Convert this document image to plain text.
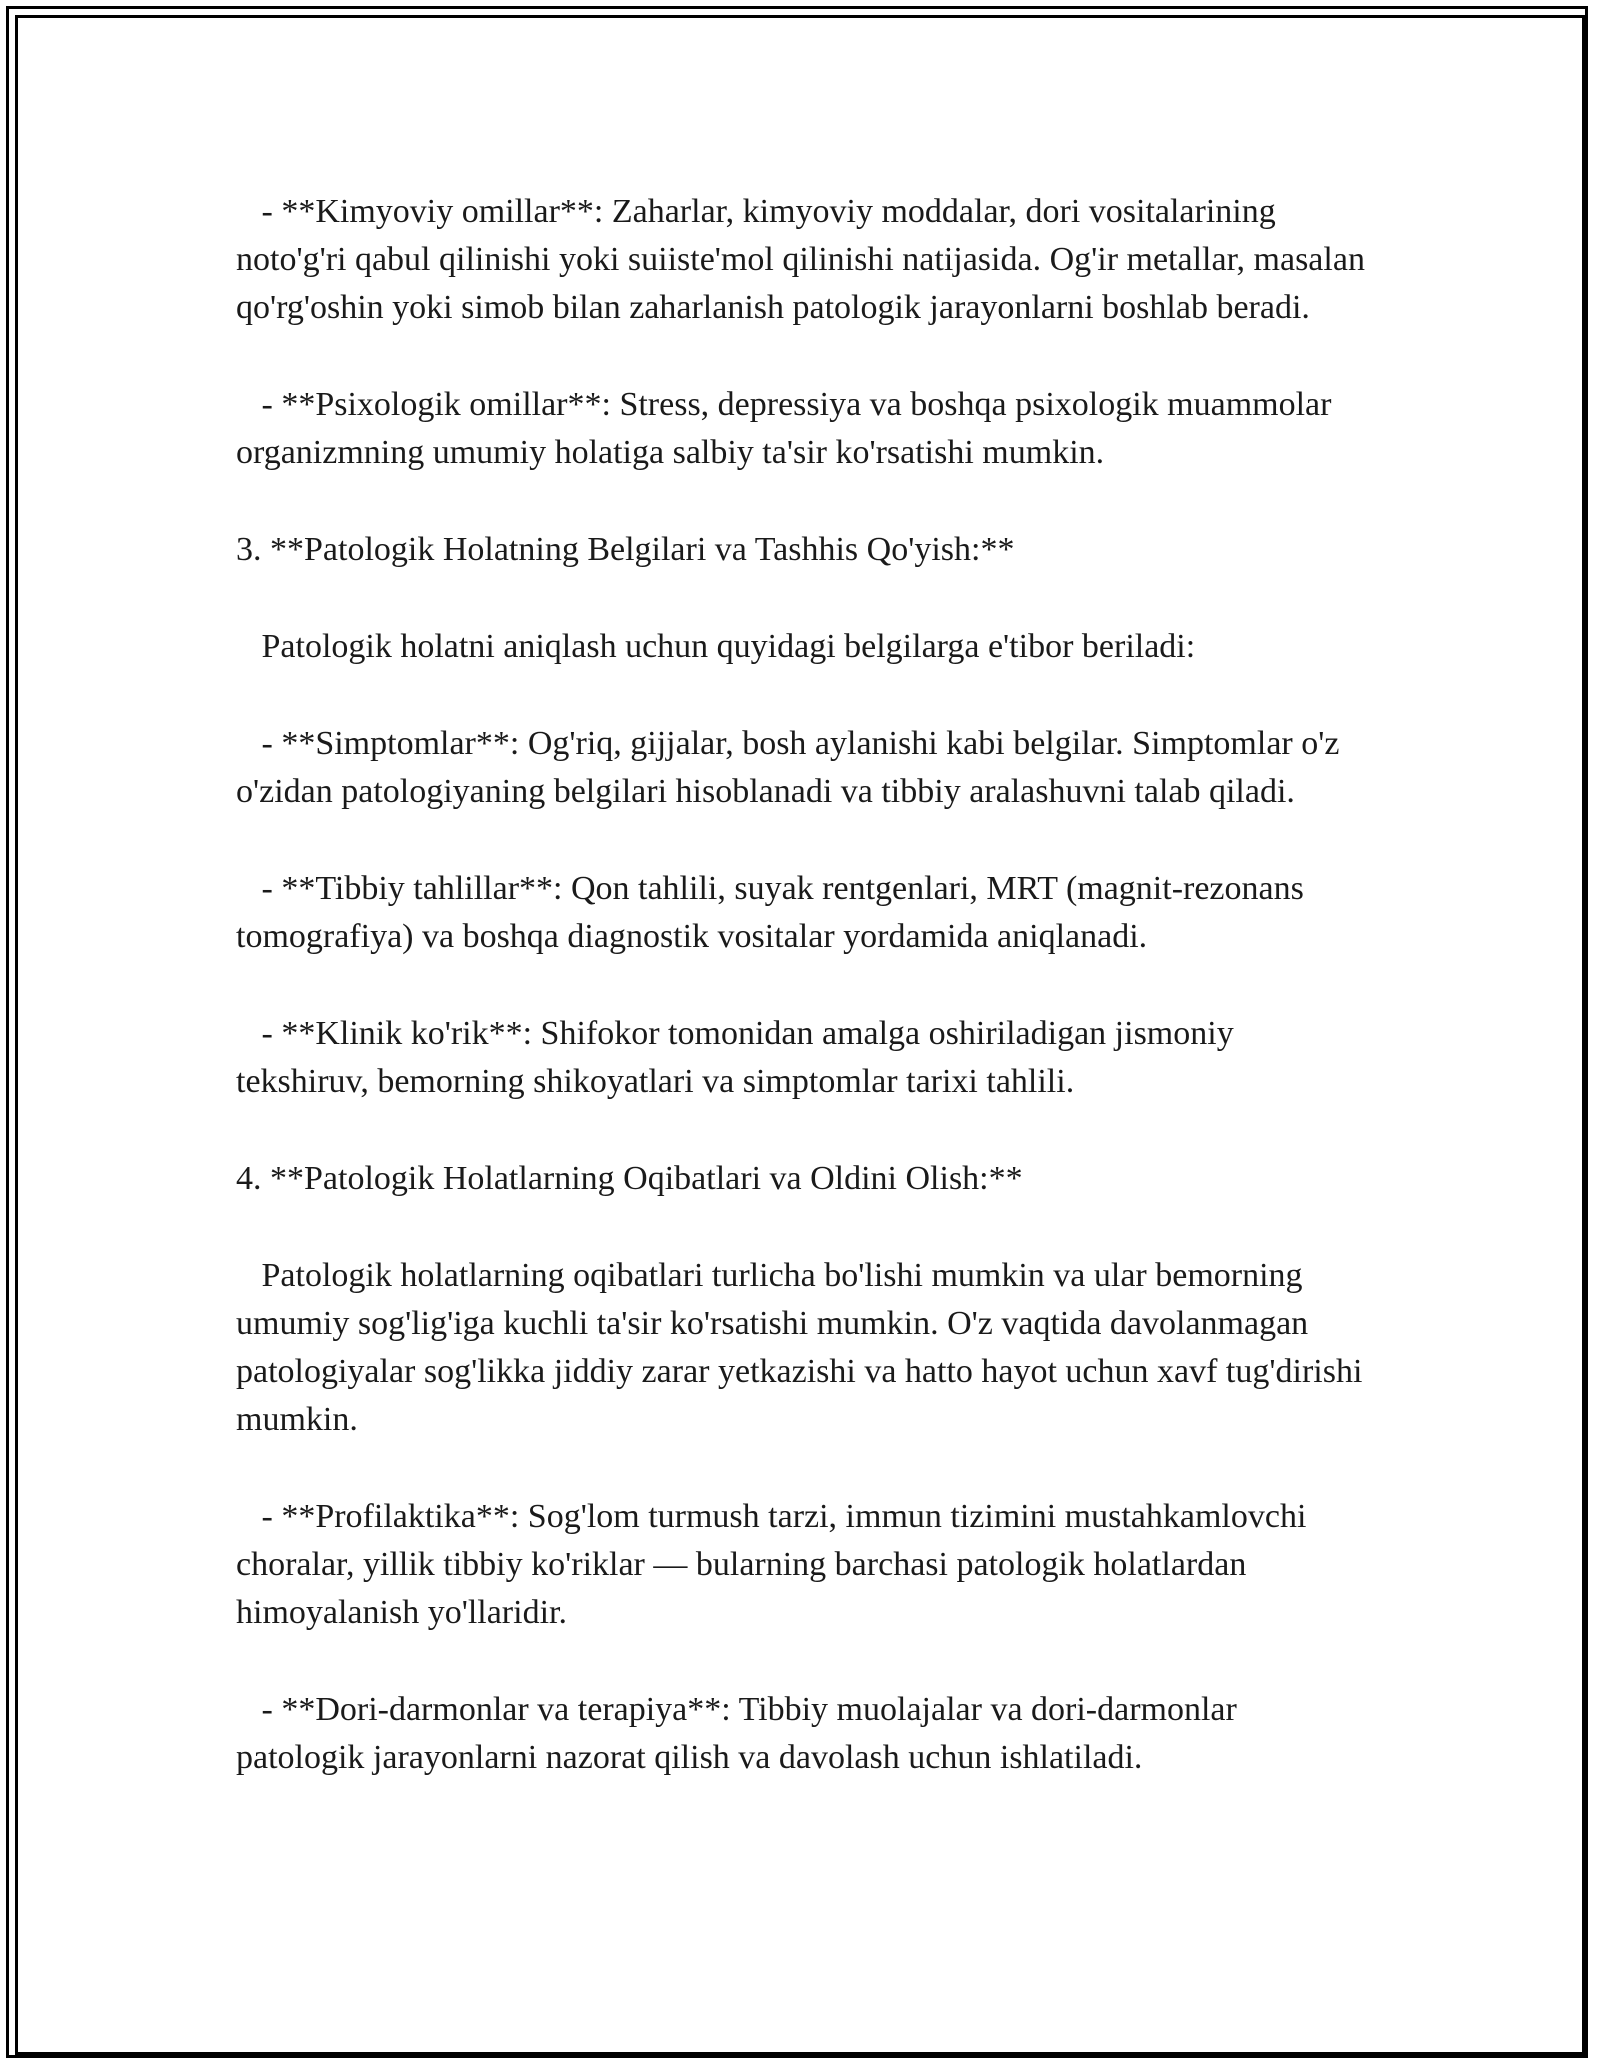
- **Kimyoviy omillar**: Zaharlar, kimyoviy moddalar, dori vositalarining noto'g'ri qabul qilinishi yoki suiiste'mol qilinishi natijasida. Og'ir metallar, masalan qo'rg'oshin yoki simob bilan zaharlanish patologik jarayonlarni boshlab beradi.

- **Psixologik omillar**: Stress, depressiya va boshqa psixologik muammolar organizmning umumiy holatiga salbiy ta'sir ko'rsatishi mumkin.

3. **Patologik Holatning Belgilari va Tashhis Qo'yish:**

Patologik holatni aniqlash uchun quyidagi belgilarga e'tibor beriladi:

- **Simptomlar**: Og'riq, gijjalar, bosh aylanishi kabi belgilar. Simptomlar o'z o'zidan patologiyaning belgilari hisoblanadi va tibbiy aralashuvni talab qiladi.

- **Tibbiy tahlillar**: Qon tahlili, suyak rentgenlari, MRT (magnit-rezonans tomografiya) va boshqa diagnostik vositalar yordamida aniqlanadi.

- **Klinik ko'rik**: Shifokor tomonidan amalga oshiriladigan jismoniy tekshiruv, bemorning shikoyatlari va simptomlar tarixi tahlili.

4. **Patologik Holatlarning Oqibatlari va Oldini Olish:**

Patologik holatlarning oqibatlari turlicha bo'lishi mumkin va ular bemorning umumiy sog'lig'iga kuchli ta'sir ko'rsatishi mumkin. O'z vaqtida davolanmagan patologiyalar sog'likka jiddiy zarar yetkazishi va hatto hayot uchun xavf tug'dirishi mumkin.

- **Profilaktika**: Sog'lom turmush tarzi, immun tizimini mustahkamlovchi choralar, yillik tibbiy ko'riklar — bularning barchasi patologik holatlardan himoyalanish yo'llaridir.

- **Dori-darmonlar va terapiya**: Tibbiy muolajalar va dori-darmonlar patologik jarayonlarni nazorat qilish va davolash uchun ishlatiladi.
